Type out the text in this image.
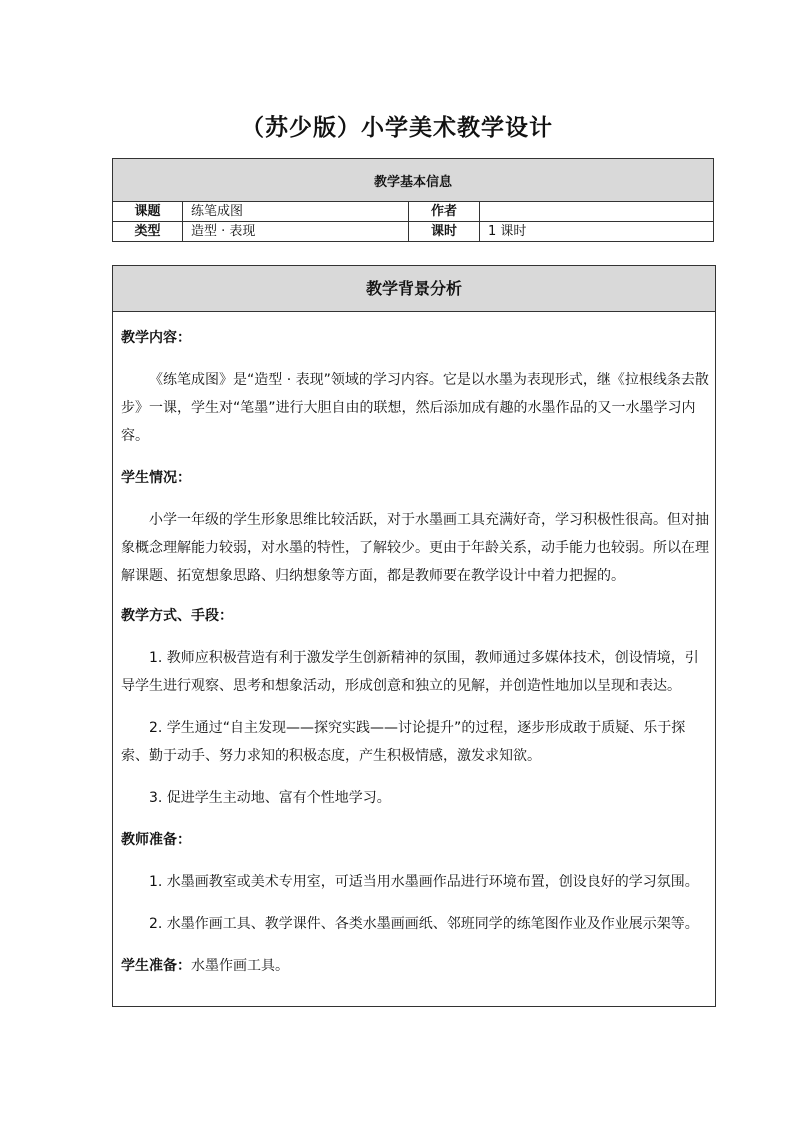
（苏少版）小学美术教学设计
教学基本信息			
课题	练笔成图	作者	
类型	造型 · 表现	课时	1 课时
教学背景分析

教学内容：

《练笔成图》是“造型 · 表现”领域的学习内容。它是以水墨为表现形式，继《拉根线条去散步》一课，学生对“笔墨”进行大胆自由的联想，然后添加成有趣的水墨作品的又一水墨学习内容。

学生情况：

小学一年级的学生形象思维比较活跃，对于水墨画工具充满好奇，学习积极性很高。但对抽象概念理解能力较弱，对水墨的特性，了解较少。更由于年龄关系，动手能力也较弱。所以在理解课题、拓宽想象思路、归纳想象等方面，都是教师要在教学设计中着力把握的。

教学方式、手段：

1. 教师应积极营造有利于激发学生创新精神的氛围，教师通过多媒体技术，创设情境，引导学生进行观察、思考和想象活动，形成创意和独立的见解，并创造性地加以呈现和表达。

2. 学生通过“自主发现——探究实践——讨论提升”的过程，逐步形成敢于质疑、乐于探索、勤于动手、努力求知的积极态度，产生积极情感，激发求知欲。

3. 促进学生主动地、富有个性地学习。

教师准备：

1. 水墨画教室或美术专用室，可适当用水墨画作品进行环境布置，创设良好的学习氛围。

2. 水墨作画工具、教学课件、各类水墨画画纸、邻班同学的练笔图作业及作业展示架等。

学生准备：水墨作画工具。
